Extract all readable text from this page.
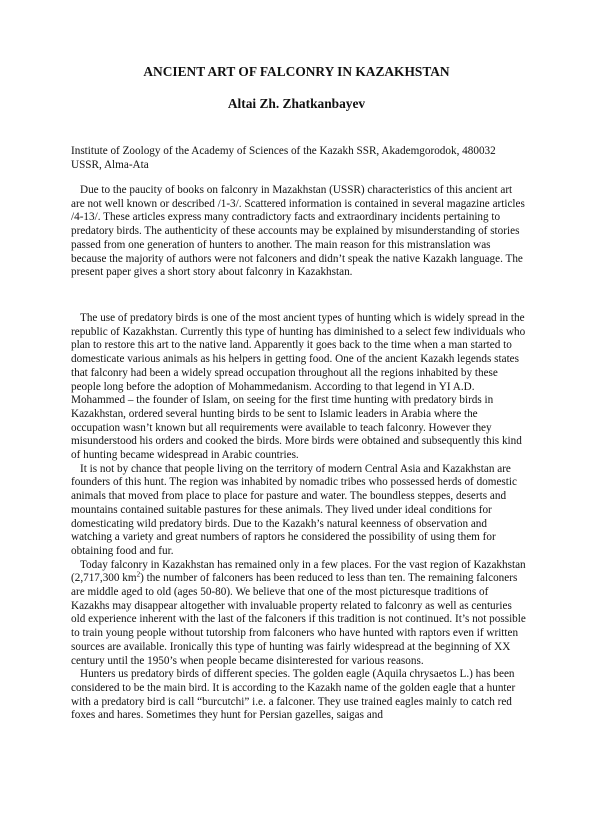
ANCIENT ART OF FALCONRY IN KAZAKHSTAN
Altai Zh. Zhatkanbayev

Institute of Zoology of the Academy of Sciences of the Kazakh SSR, Akademgorodok, 480032 USSR, Alma-Ata

Due to the paucity of books on falconry in Mazakhstan (USSR) characteristics of this ancient art are not well known or described /1-3/. Scattered information is contained in several magazine articles /4-13/. These articles express many contradictory facts and extraordinary incidents pertaining to predatory birds. The authenticity of these accounts may be explained by misunderstanding of stories passed from one generation of hunters to another. The main reason for this mistranslation was because the majority of authors were not falconers and didn’t speak the native Kazakh language. The present paper gives a short story about falconry in Kazakhstan.

The use of predatory birds is one of the most ancient types of hunting which is widely spread in the republic of Kazakhstan. Currently this type of hunting has diminished to a select few individuals who plan to restore this art to the native land. Apparently it goes back to the time when a man started to domesticate various animals as his helpers in getting food. One of the ancient Kazakh legends states that falconry had been a widely spread occupation throughout all the regions inhabited by these people long before the adoption of Mohammedanism. According to that legend in YI A.D. Mohammed – the founder of Islam, on seeing for the first time hunting with predatory birds in Kazakhstan, ordered several hunting birds to be sent to Islamic leaders in Arabia where the occupation wasn’t known but all requirements were available to teach falconry. However they misunderstood his orders and cooked the birds. More birds were obtained and subsequently this kind of hunting became widespread in Arabic countries.

It is not by chance that people living on the territory of modern Central Asia and Kazakhstan are founders of this hunt. The region was inhabited by nomadic tribes who possessed herds of domestic animals that moved from place to place for pasture and water. The boundless steppes, deserts and mountains contained suitable pastures for these animals. They lived under ideal conditions for domesticating wild predatory birds. Due to the Kazakh’s natural keenness of observation and watching a variety and great numbers of raptors he considered the possibility of using them for obtaining food and fur.

Today falconry in Kazakhstan has remained only in a few places. For the vast region of Kazakhstan (2,717,300 $km^2$) the number of falconers has been reduced to less than ten. The remaining falconers are middle aged to old (ages 50-80). We believe that one of the most picturesque traditions of Kazakhs may disappear altogether with invaluable property related to falconry as well as centuries old experience inherent with the last of the falconers if this tradition is not continued. It’s not possible to train young people without tutorship from falconers who have hunted with raptors even if written sources are available. Ironically this type of hunting was fairly widespread at the beginning of XX century until the 1950’s when people became disinterested for various reasons.

Hunters us predatory birds of different species. The golden eagle (Aquila chrysaetos L.) has been considered to be the main bird. It is according to the Kazakh name of the golden eagle that a hunter with a predatory bird is call “burcutchi” i.e. a falconer. They use trained eagles mainly to catch red foxes and hares. Sometimes they hunt for Persian gazelles, saigas and
